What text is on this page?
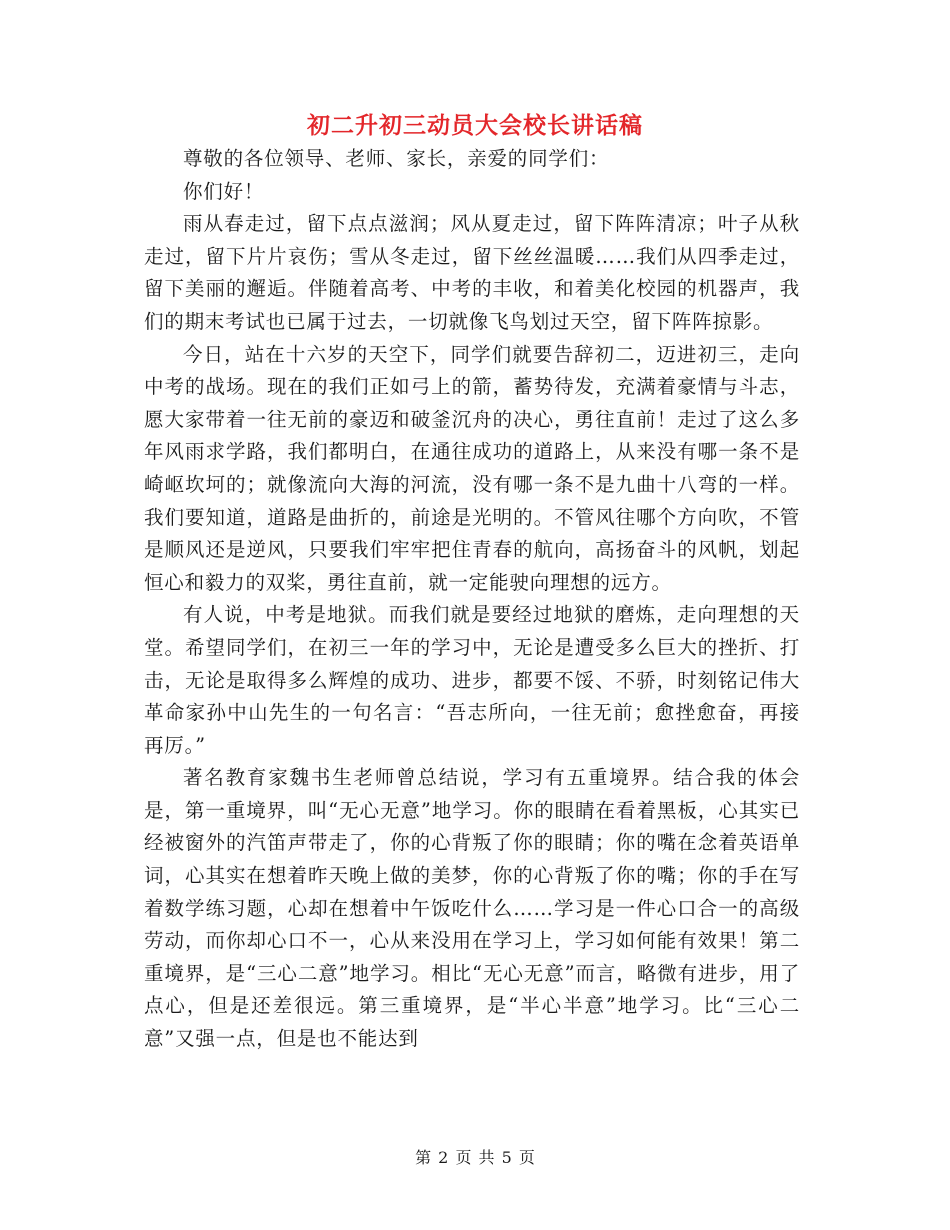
初二升初三动员大会校长讲话稿

尊敬的各位领导、老师、家长，亲爱的同学们：

你们好！

雨从春走过，留下点点滋润；风从夏走过，留下阵阵清凉；叶子从秋走过，留下片片哀伤；雪从冬走过，留下丝丝温暖……我们从四季走过，留下美丽的邂逅。伴随着高考、中考的丰收，和着美化校园的机器声，我们的期末考试也已属于过去，一切就像飞鸟划过天空，留下阵阵掠影。

今日，站在十六岁的天空下，同学们就要告辞初二，迈进初三，走向中考的战场。现在的我们正如弓上的箭，蓄势待发，充满着豪情与斗志，愿大家带着一往无前的豪迈和破釜沉舟的决心，勇往直前！走过了这么多年风雨求学路，我们都明白，在通往成功的道路上，从来没有哪一条不是崎岖坎坷的；就像流向大海的河流，没有哪一条不是九曲十八弯的一样。我们要知道，道路是曲折的，前途是光明的。不管风往哪个方向吹，不管是顺风还是逆风，只要我们牢牢把住青春的航向，高扬奋斗的风帆，划起恒心和毅力的双桨，勇往直前，就一定能驶向理想的远方。

有人说，中考是地狱。而我们就是要经过地狱的磨炼，走向理想的天堂。希望同学们，在初三一年的学习中，无论是遭受多么巨大的挫折、打击，无论是取得多么辉煌的成功、进步，都要不馁、不骄，时刻铭记伟大革命家孙中山先生的一句名言：“吾志所向，一往无前；愈挫愈奋，再接再厉。”

著名教育家魏书生老师曾总结说，学习有五重境界。结合我的体会是，第一重境界，叫“无心无意”地学习。你的眼睛在看着黑板，心其实已经被窗外的汽笛声带走了，你的心背叛了你的眼睛；你的嘴在念着英语单词，心其实在想着昨天晚上做的美梦，你的心背叛了你的嘴；你的手在写着数学练习题，心却在想着中午饭吃什么……学习是一件心口合一的高级劳动，而你却心口不一，心从来没用在学习上，学习如何能有效果！第二重境界，是“三心二意”地学习。相比“无心无意”而言，略微有进步，用了点心，但是还差很远。第三重境界，是“半心半意”地学习。比“三心二意”又强一点，但是也不能达到

第 2 页 共 5 页
